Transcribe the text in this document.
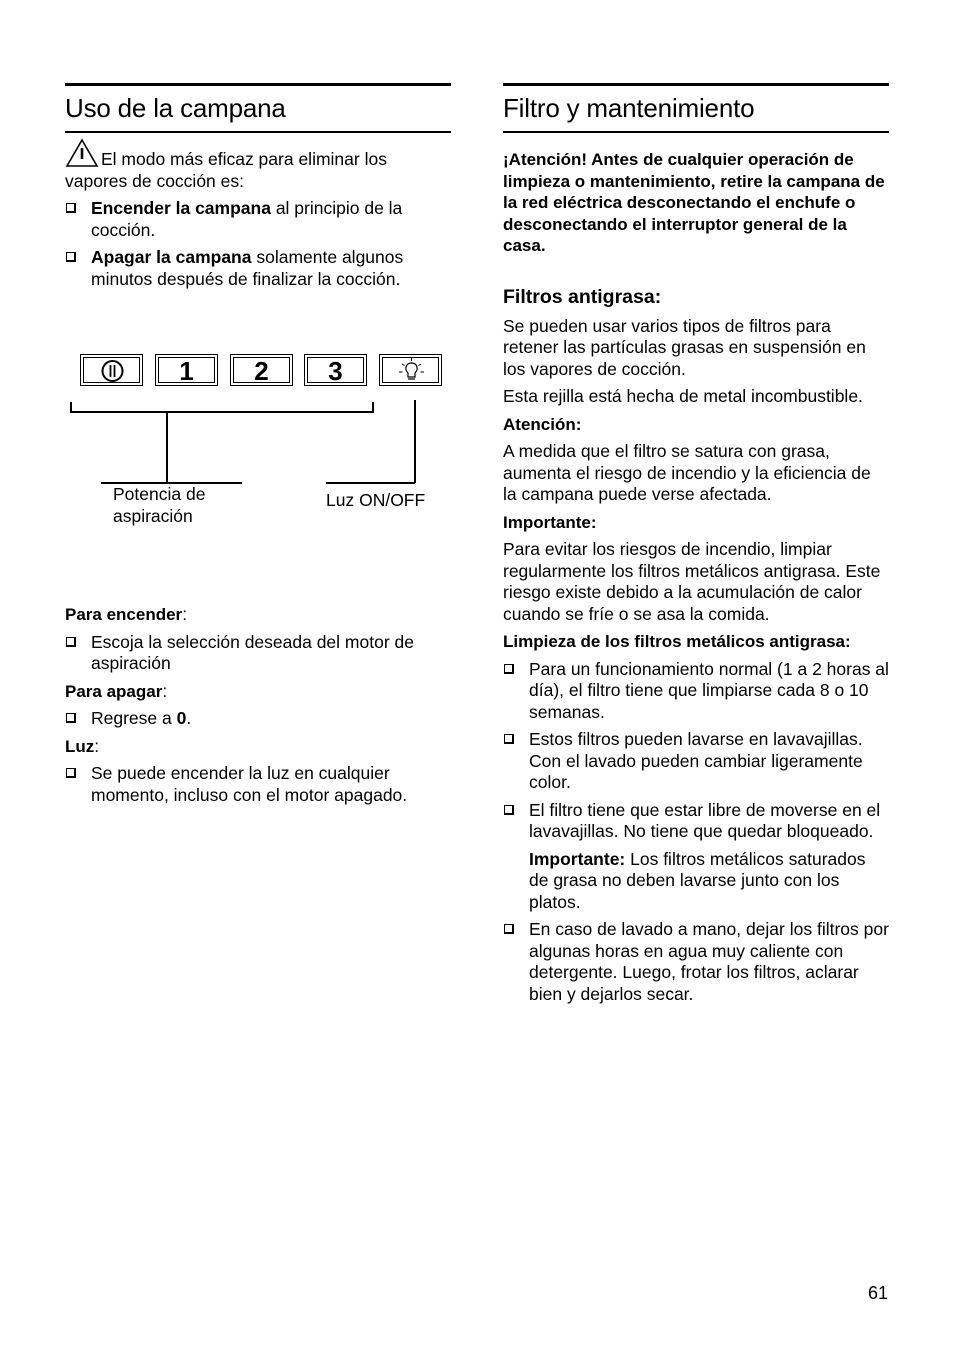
Uso de la campana
El modo más eficaz para eliminar los vapores de cocción es:
Encender la campana al principio de la cocción.
Apagar la campana solamente algunos minutos después de finalizar la cocción.
1	2	3
Potencia de aspiración
Luz ON/OFF
Para encender:
Escoja la selección deseada del motor de aspiración
Para apagar:
Regrese a 0.
Luz:
Se puede encender la luz en cualquier momento, incluso con el motor apagado.
Filtro y mantenimiento
¡Atención! Antes de cualquier operación de limpieza o mantenimiento, retire la campana de la red eléctrica desconectando el enchufe o desconectando el interruptor general de la casa.
Filtros antigrasa:
Se pueden usar varios tipos de filtros para retener las partículas grasas en suspensión en los vapores de cocción.
Esta rejilla está hecha de metal incombustible.
Atención:
A medida que el filtro se satura con grasa, aumenta el riesgo de incendio y la eficiencia de la campana puede verse afectada.
Importante:
Para evitar los riesgos de incendio, limpiar regularmente los filtros metálicos antigrasa. Este riesgo existe debido a la acumulación de calor cuando se fríe o se asa la comida.
Limpieza de los filtros metálicos antigrasa:
Para un funcionamiento normal (1 a 2 horas al día), el filtro tiene que limpiarse cada 8 o 10 semanas.
Estos filtros pueden lavarse en lavavajillas. Con el lavado pueden cambiar ligeramente color.
El filtro tiene que estar libre de moverse en el lavavajillas. No tiene que quedar bloqueado.
Importante: Los filtros metálicos saturados de grasa no deben lavarse junto con los platos.
En caso de lavado a mano, dejar los filtros por algunas horas en agua muy caliente con detergente. Luego, frotar los filtros, aclarar bien y dejarlos secar.
61
